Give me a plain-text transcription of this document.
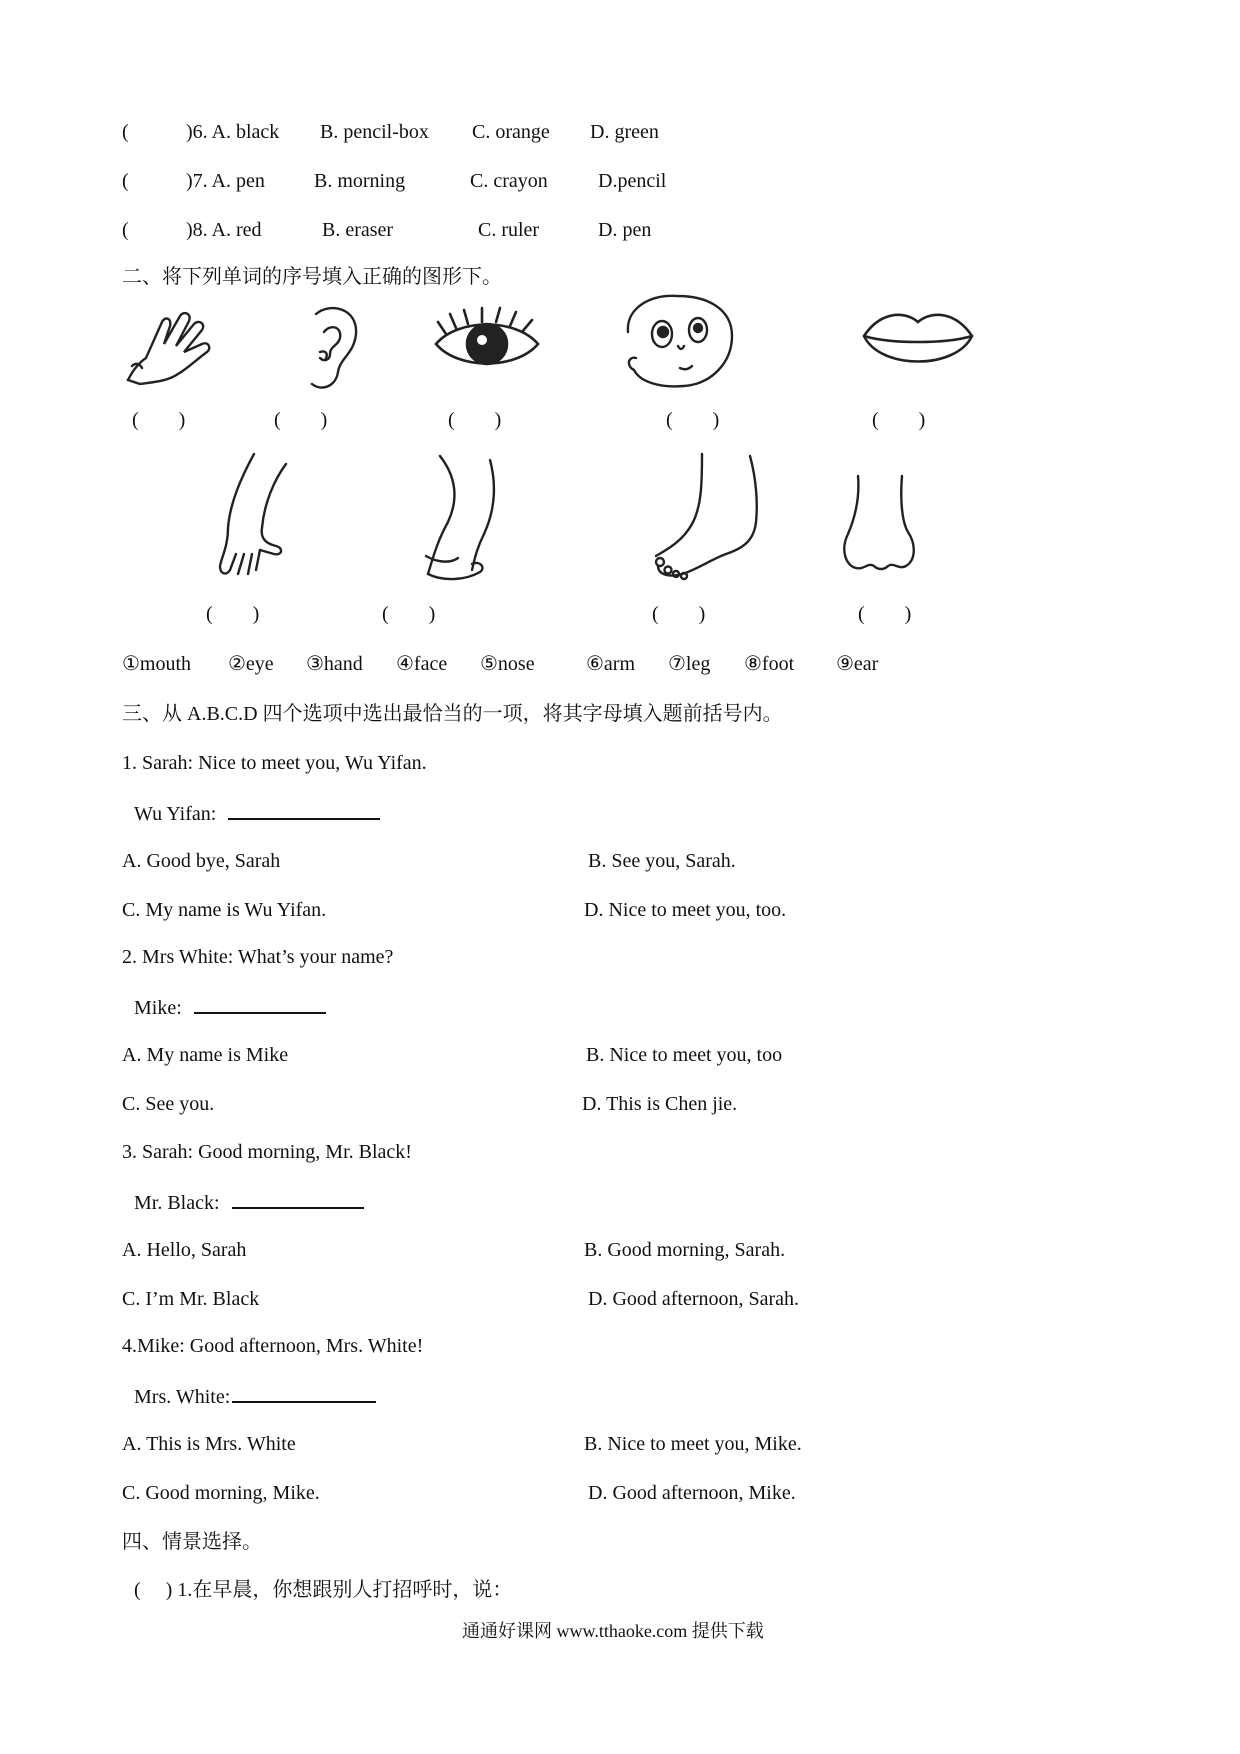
(	)6. A. black B. pencil-box C. orange D. green
(	)7. A. pen B. morning	C. crayon	D.pencil
(	)8. A. red	B. eraser	C. ruler	D. pen
二、将下列单词的序号填入正确的图形下。
(　　)	(　　)	(　　)	(　　)	(　　)
(　　)	(　　)	(　　)	(　　)
①mouth ②eye ③hand ④face ⑤nose	⑥arm ⑦leg ⑧foot ⑨ear
三、从 A.B.C.D 四个选项中选出最恰当的一项，将其字母填入题前括号内。
1. Sarah: Nice to meet you, Wu Yifan.
Wu Yifan:
A. Good bye, Sarah	B. See you, Sarah.
C. My name is Wu Yifan.	D. Nice to meet you, too.
2. Mrs White: What’s your name?
Mike:
A. My name is Mike	B. Nice to meet you, too
C. See you.	D. This is Chen jie.
3. Sarah: Good morning, Mr. Black!
Mr. Black:
A. Hello, Sarah	B. Good morning, Sarah.
C. I’m Mr. Black	D. Good afternoon, Sarah.
4.Mike: Good afternoon, Mrs. White!
Mrs. White:
A. This is Mrs. White	B. Nice to meet you, Mike.
C. Good morning, Mike.	D. Good afternoon, Mike.
四、情景选择。
(　 ) 1.在早晨，你想跟别人打招呼时，说：
通通好课网 www.tthaoke.com 提供下载
